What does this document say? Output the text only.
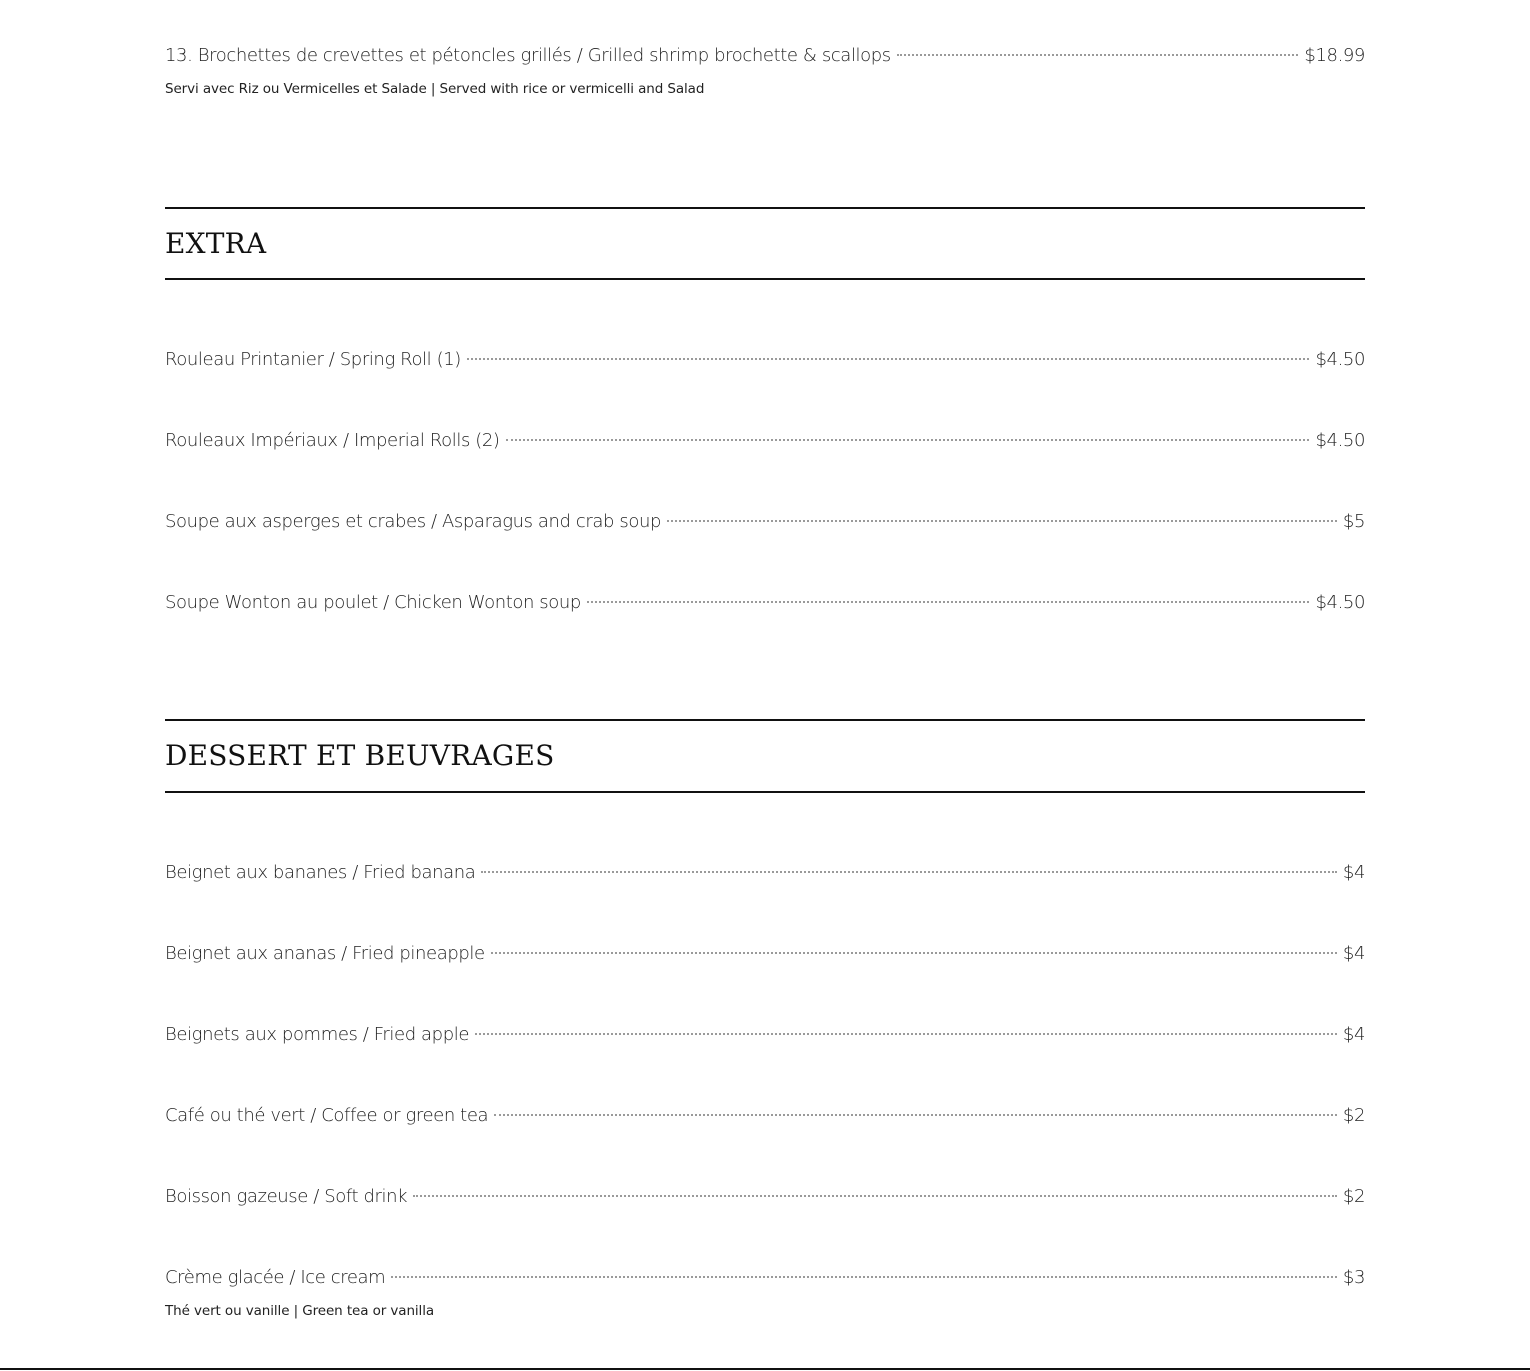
13. Brochettes de crevettes et pétoncles grillés / Grilled shrimp brochette & scallops	$18.99
Servi avec Riz ou Vermicelles et Salade | Served with rice or vermicelli and Salad
EXTRA
Rouleau Printanier / Spring Roll (1)	$4.50
Rouleaux Impériaux / Imperial Rolls (2)	$4.50
Soupe aux asperges et crabes / Asparagus and crab soup	$5
Soupe Wonton au poulet / Chicken Wonton soup	$4.50
DESSERT ET BEUVRAGES
Beignet aux bananes / Fried banana	$4
Beignet aux ananas / Fried pineapple	$4
Beignets aux pommes / Fried apple	$4
Café ou thé vert / Coffee or green tea	$2
Boisson gazeuse / Soft drink	$2
Crème glacée / Ice cream	$3
Thé vert ou vanille | Green tea or vanilla
